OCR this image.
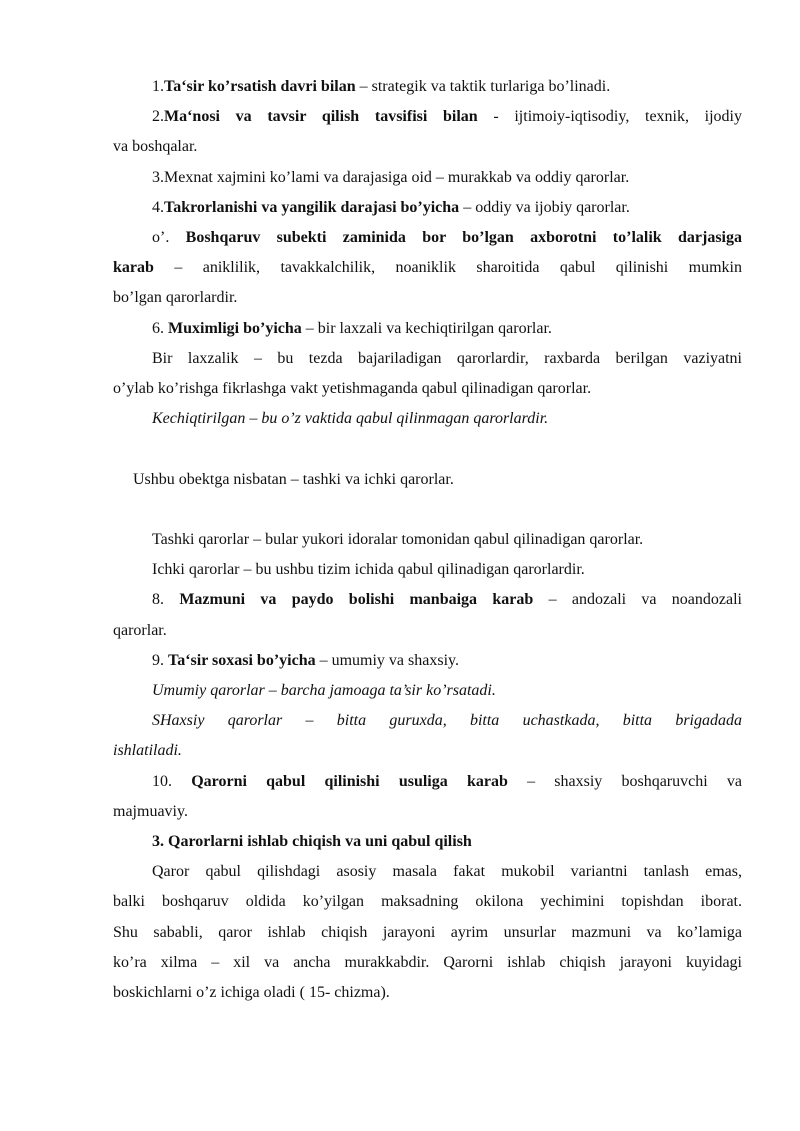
1.Ta‘sir ko’rsatish davri bilan – strategik va taktik turlariga bo’linadi.

2.Ma‘nosi va tavsir qilish tavsifisi bilan - ijtimoiy-iqtisodiy, texnik, ijodiy

va boshqalar.

3.Mexnat xajmini ko’lami va darajasiga oid – murakkab va oddiy qarorlar.

4.Takrorlanishi va yangilik darajasi bo’yicha – oddiy va ijobiy qarorlar.

o’. Boshqaruv subekti zaminida bor bo’lgan axborotni to’lalik darjasiga

karab – aniklilik, tavakkalchilik, noaniklik sharoitida qabul qilinishi mumkin

bo’lgan qarorlardir.

6. Muximligi bo’yicha – bir laxzali va kechiqtirilgan qarorlar.

Bir laxzalik – bu tezda bajariladigan qarorlardir, raxbarda berilgan vaziyatni

o’ylab ko’rishga fikrlashga vakt yetishmaganda qabul qilinadigan qarorlar.

Kechiqtirilgan – bu o’z vaktida qabul qilinmagan qarorlardir.

Ushbu obektga nisbatan – tashki va ichki qarorlar.

Tashki qarorlar – bular yukori idoralar tomonidan qabul qilinadigan qarorlar.

Ichki qarorlar – bu ushbu tizim ichida qabul qilinadigan qarorlardir.

8. Mazmuni va paydo bolishi manbaiga karab – andozali va noandozali

qarorlar.

9. Ta‘sir soxasi bo’yicha – umumiy va shaxsiy.

Umumiy qarorlar – barcha jamoaga ta’sir ko’rsatadi.

SHaxsiy qarorlar – bitta guruxda, bitta uchastkada, bitta brigadada

ishlatiladi.

10. Qarorni qabul qilinishi usuliga karab – shaxsiy boshqaruvchi va

majmuaviy.

3. Qarorlarni ishlab chiqish va uni qabul qilish

Qaror qabul qilishdagi asosiy masala fakat mukobil variantni tanlash emas,

balki boshqaruv oldida ko’yilgan maksadning okilona yechimini topishdan iborat.

Shu sababli, qaror ishlab chiqish jarayoni ayrim unsurlar mazmuni va ko’lamiga

ko’ra xilma – xil va ancha murakkabdir. Qarorni ishlab chiqish jarayoni kuyidagi

boskichlarni o’z ichiga oladi ( 15- chizma).
